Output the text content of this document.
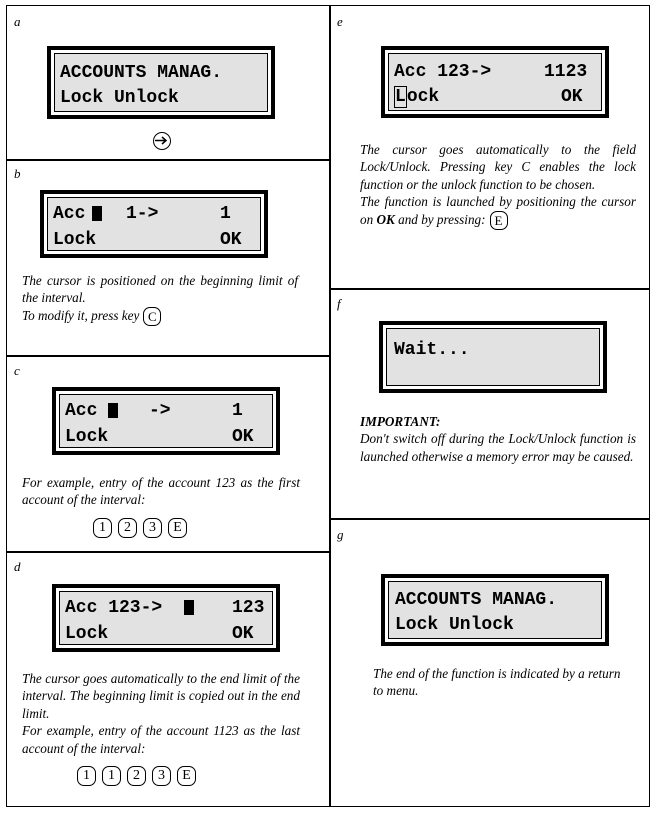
a
ACCOUNTS MANAG.
Lock Unlock
b
Acc 1->	1
Lock	OK

The cursor is positioned on the beginning limit of the interval.

To modify it, press key C

c
Acc	->	1
Lock	OK

For example, entry of the account 123 as the first account of the interval:

1	2	3	E
d
Acc 123->	123
Lock	OK

The cursor goes automatically to the end limit of the interval. The beginning limit is copied out in the end limit.

For example, entry of the account 1123 as the last account of the interval:

1	1	2	3	E
e
Acc 123->	1123
Lock	OK

The cursor goes automatically to the field Lock/Unlock. Pressing key C enables the lock function or the unlock function to be chosen.

The function is launched by positioning the cursor on OK and by pressing: E

f
Wait...

IMPORTANT:

Don't switch off during the Lock/Unlock function is launched otherwise a memory error may be caused.

g
ACCOUNTS MANAG.
Lock Unlock

The end of the function is indicated by a return to menu.
